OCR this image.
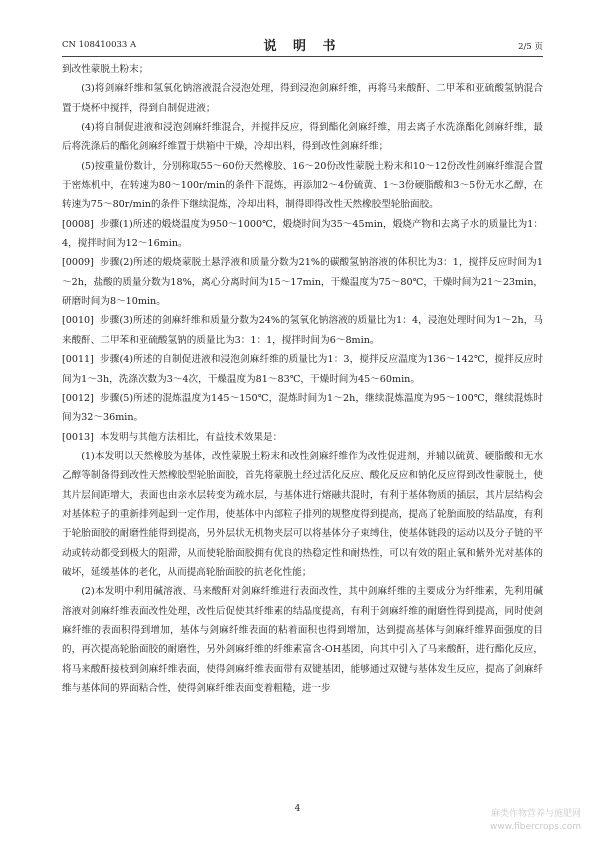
CN 108410033 A	说 明 书	2/5 页

到改性蒙脱土粉末；

(3)将剑麻纤维和氢氧化钠溶液混合浸泡处理，得到浸泡剑麻纤维，再将马来酸酐、二甲苯和亚硫酸氢钠混合置于烧杯中搅拌，得到自制促进液；

(4)将自制促进液和浸泡剑麻纤维混合，并搅拌反应，得到酯化剑麻纤维，用去离子水洗涤酯化剑麻纤维，最后将洗涤后的酯化剑麻纤维置于烘箱中干燥，冷却出料，得到改性剑麻纤维；

(5)按重量份数计，分别称取55～60份天然橡胶、16～20份改性蒙脱土粉末和10～12份改性剑麻纤维混合置于密炼机中，在转速为80～100r/min的条件下混炼，再添加2～4份硫黄、1～3份硬脂酸和3～5份无水乙醇，在转速为75～80r/min的条件下继续混炼，冷却出料，制得即得改性天然橡胶型轮胎面胶。

[0008] 步骤(1)所述的煅烧温度为950～1000℃，煅烧时间为35～45min，煅烧产物和去离子水的质量比为1：4，搅拌时间为12～16min。

[0009] 步骤(2)所述的煅烧蒙脱土悬浮液和质量分数为21%的碳酸氢钠溶液的体积比为3：1，搅拌反应时间为1～2h，盐酸的质量分数为18%，离心分离时间为15～17min，干燥温度为75～80℃，干燥时间为21～23min，研磨时间为8～10min。

[0010] 步骤(3)所述的剑麻纤维和质量分数为24%的氢氧化钠溶液的质量比为1：4，浸泡处理时间为1～2h，马来酸酐、二甲苯和亚硫酸氢钠的质量比为3：1：1，搅拌时间为6～8min。

[0011] 步骤(4)所述的自制促进液和浸泡剑麻纤维的质量比为1：3，搅拌反应温度为136～142℃，搅拌反应时间为1～3h，洗涤次数为3～4次，干燥温度为81～83℃，干燥时间为45～60min。

[0012] 步骤(5)所述的混炼温度为145～150℃，混炼时间为1～2h，继续混炼温度为95～100℃，继续混炼时间为32～36min。

[0013] 本发明与其他方法相比，有益技术效果是：

(1)本发明以天然橡胶为基体，改性蒙脱土粉末和改性剑麻纤维作为改性促进剂，并辅以硫黄、硬脂酸和无水乙醇等制备得到改性天然橡胶型轮胎面胶，首先将蒙脱土经过活化反应、酸化反应和钠化反应得到改性蒙脱土，使其片层间距增大，表面也由亲水层转变为疏水层，与基体进行熔融共混时，有利于基体物质的插层，其片层结构会对基体粒子的重新排列起到一定作用，使基体中内部粒子排列的规整度得到提高，提高了轮胎面胶的结晶度，有利于轮胎面胶的耐磨性能得到提高，另外层状无机物夹层可以将基体分子束缚住，使基体链段的运动以及分子链的平动或转动都受到极大的阻滞，从而使轮胎面胶拥有优良的热稳定性和耐热性，可以有效的阻止氧和紫外光对基体的破坏，延缓基体的老化，从而提高轮胎面胶的抗老化性能；

(2)本发明中利用碱溶液、马来酸酐对剑麻纤维进行表面改性，其中剑麻纤维的主要成分为纤维素，先利用碱溶液对剑麻纤维表面改性处理，改性后促使其纤维素的结晶度提高，有利于剑麻纤维的耐磨性得到提高，同时使剑麻纤维的表面积得到增加，基体与剑麻纤维表面的粘着面积也得到增加，达到提高基体与剑麻纤维界面强度的目的，再次提高轮胎面胶的耐磨性，另外剑麻纤维的纤维素富含-OH基团，向其中引入了马来酸酐，进行酯化反应，将马来酸酐接枝到剑麻纤维表面，使得剑麻纤维表面带有双键基团，能够通过双键与基体发生反应，提高了剑麻纤维与基体间的界面粘合性，使得剑麻纤维表面变着粗糙，进一步

4	麻类作物营养与施肥网
www.fibercrops.com
